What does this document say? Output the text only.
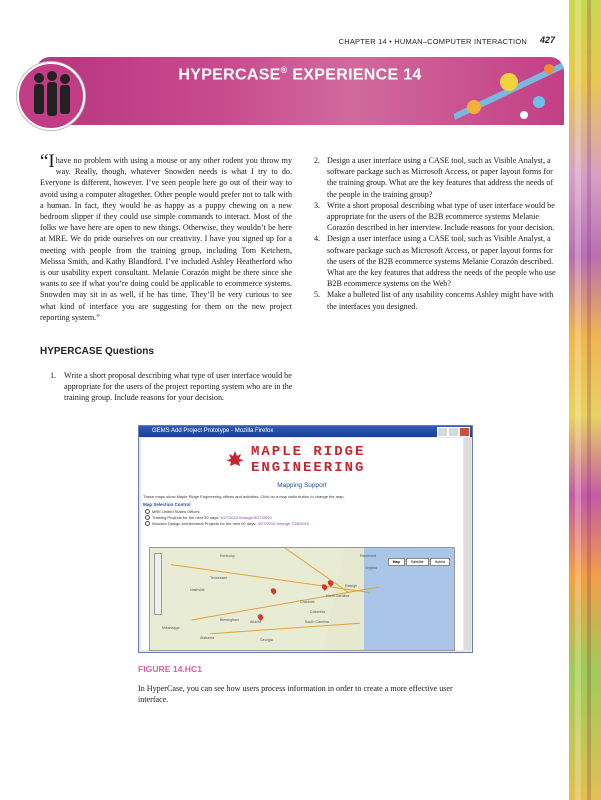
CHAPTER 14 • HUMAN–COMPUTER INTERACTION 427
HYPERCASE® EXPERIENCE 14

“Ihave no problem with using a mouse or any other rodent you throw my way. Really, though, whatever Snowden needs is what I try to do. Everyone is different, however. I’ve seen people here go out of their way to avoid using a computer altogether. Other people would prefer not to talk with a human. In fact, they would be as happy as a puppy chewing on a new bedroom slipper if they could use simple commands to interact. Most of the folks we have here are open to new things. Otherwise, they wouldn’t be here at MRE. We do pride ourselves on our creativity. I have you signed up for a meeting with people from the training group, including Tom Ketchem, Melissa Smith, and Kathy Blandford. I’ve included Ashley Heatherford who is our usability expert consultant. Melanie Corazón might be there since she wants to see if what you’re doing could be applicable to ecommerce systems. Snowden may sit in as well, if he has time. They’ll be very curious to see what kind of interface you are suggesting for them on the new project reporting system.”

HYPERCASE Questions
1. Write a short proposal describing what type of user interface would be appropriate for the users of the project reporting system who are in the training group. Include reasons for your decision.
2. Design a user interface using a CASE tool, such as Visible Analyst, a software package such as Microsoft Access, or paper layout forms for the training group. What are the key features that address the needs of the people in the training group?
3. Write a short proposal describing what type of user interface would be appropriate for the users of the B2B ecommerce systems Melanie Corazón described in her interview. Include reasons for your decision.
4. Design a user interface using a CASE tool, such as Visible Analyst, a software package such as Microsoft Access, or paper layout forms for the users of the B2B ecommerce systems Melanie Corazón described. What are the key features that address the needs of the people who use B2B ecommerce systems on the Web?
5. Make a bulleted list of any usability concerns Ashley might have with the interfaces you designed.
GEMS Add Project Prototype - Mozilla Firefox
MAPLE RIDGE
ENGINEERING
Mapping Support
These maps show Maple Ridge Engineering offices and activities. Click on a map radio button to change the map.
Map Selection Control
MRE United States Offices
Training Projects for the next 30 days: 4/27/2010 through 5/27/2010
Wooden Design Architectural Projects for the next 90 days: 4/27/2010 through 7/26/2010
Map	Satellite	Hybrid
Kentucky
Virginia
North Carolina
Tennessee
South Carolina
Georgia
Alabama
Mississippi
Atlanta
Charlotte
Raleigh
Richmond
Columbia
Nashville
Birmingham
FIGURE 14.HC1
In HyperCase, you can see how users process information in order to create a more effective user interface.
